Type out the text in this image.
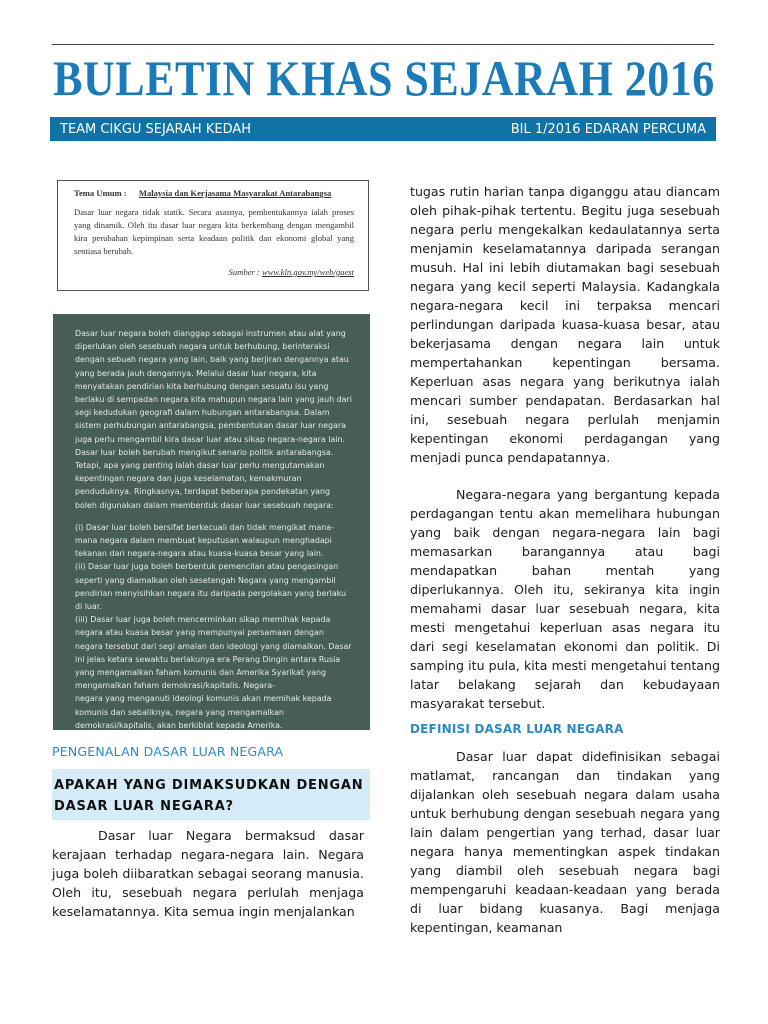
BULETIN KHAS SEJARAH 2016
TEAM CIKGU SEJARAH KEDAH	BIL 1/2016 EDARAN PERCUMA
Tema Umum : Malaysia dan Kerjasama Masyarakat Antarabangsa
Dasar luar negara tidak statik. Secara asasnya, pembentukannya ialah proses yang dinamik. Oleh itu dasar luar negara kita berkembang dengan mengambil kira perubahan kepimpinan serta keadaan politik dan ekonomi global yang sentiasa berubah.
Sumber : www.kln.gov.my/web/guest

Dasar luar negara boleh dianggap sebagai instrumen atau alat yang diperlukan oleh sesebuah negara untuk berhubung, berinteraksi dengan sebuah negara yang lain, baik yang berjiran dengannya atau yang berada jauh dengannya. Melalui dasar luar negara, kita menyatakan pendirian kita berhubung dengan sesuatu isu yang berlaku di sempadan negara kita mahupun negara lain yang jauh dari segi kedudukan geografi dalam hubungan antarabangsa. Dalam sistem perhubungan antarabangsa, pembentukan dasar luar negara juga perlu mengambil kira dasar luar atau sikap negara-negara lain. Dasar luar boleh berubah mengikut senario politik antarabangsa. Tetapi, apa yang penting ialah dasar luar perlu mengutamakan kepentingan negara dan juga keselamatan, kemakmuran penduduknya. Ringkasnya, terdapat beberapa pendekatan yang boleh digunakan dalam membentuk dasar luar sesebuah negara:

(i) Dasar luar boleh bersifat berkecuali dan tidak mengikat mana-mana negara dalam membuat keputusan walaupun menghadapi tekanan dari negara-negara atau kuasa-kuasa besar yang lain.
(ii) Dasar luar juga boleh berbentuk pemencilan atau pengasingan seperti yang diamalkan oleh sesetengah Negara yang mengambil pendirian menyisihkan negara itu daripada pergolakan yang berlaku di luar.
(iii) Dasar luar juga boleh mencerminkan sikap memihak kepada negara atau kuasa besar yang mempunyai persamaan dengan negara tersebut dari segi amalan dan ideologi yang diamalkan. Dasar ini jelas ketara sewaktu berlakunya era Perang Dingin antara Rusia yang mengamalkan faham komunis dan Amerika Syarikat yang mengamalkan faham demokrasi/kapitalis. Negara-
negara yang menganuti ideologi komunis akan memihak kepada komunis dan sebaliknya, negara yang mengamalkan demokrasi/kapitalis, akan berkiblat kepada Amerika.
PENGENALAN DASAR LUAR NEGARA
APAKAH YANG DIMAKSUDKAN DENGAN DASAR LUAR NEGARA?

Dasar luar Negara bermaksud dasar kerajaan terhadap negara-negara lain. Negara juga boleh diibaratkan sebagai seorang manusia. Oleh itu, sesebuah negara perlulah menjaga keselamatannya. Kita semua ingin menjalankan

tugas rutin harian tanpa diganggu atau diancam oleh pihak-pihak tertentu. Begitu juga sesebuah negara perlu mengekalkan kedaulatannya serta menjamin keselamatannya daripada serangan musuh. Hal ini lebih diutamakan bagi sesebuah negara yang kecil seperti Malaysia. Kadangkala negara-negara kecil ini terpaksa mencari perlindungan daripada kuasa-kuasa besar, atau bekerjasama dengan negara lain untuk mempertahankan kepentingan bersama. Keperluan asas negara yang berikutnya ialah mencari sumber pendapatan. Berdasarkan hal ini, sesebuah negara perlulah menjamin kepentingan ekonomi perdagangan yang menjadi punca pendapatannya.

Negara-negara yang bergantung kepada perdagangan tentu akan memelihara hubungan yang baik dengan negara-negara lain bagi memasarkan barangannya atau bagi mendapatkan bahan mentah yang diperlukannya. Oleh itu, sekiranya kita ingin memahami dasar luar sesebuah negara, kita mesti mengetahui keperluan asas negara itu dari segi keselamatan ekonomi dan politik. Di samping itu pula, kita mesti mengetahui tentang latar belakang sejarah dan kebudayaan masyarakat tersebut.

DEFINISI DASAR LUAR NEGARA

Dasar luar dapat didefinisikan sebagai matlamat, rancangan dan tindakan yang dijalankan oleh sesebuah negara dalam usaha untuk berhubung dengan sesebuah negara yang lain dalam pengertian yang terhad, dasar luar negara hanya mementingkan aspek tindakan yang diambil oleh sesebuah negara bagi mempengaruhi keadaan-keadaan yang berada di luar bidang kuasanya. Bagi menjaga kepentingan, keamanan
